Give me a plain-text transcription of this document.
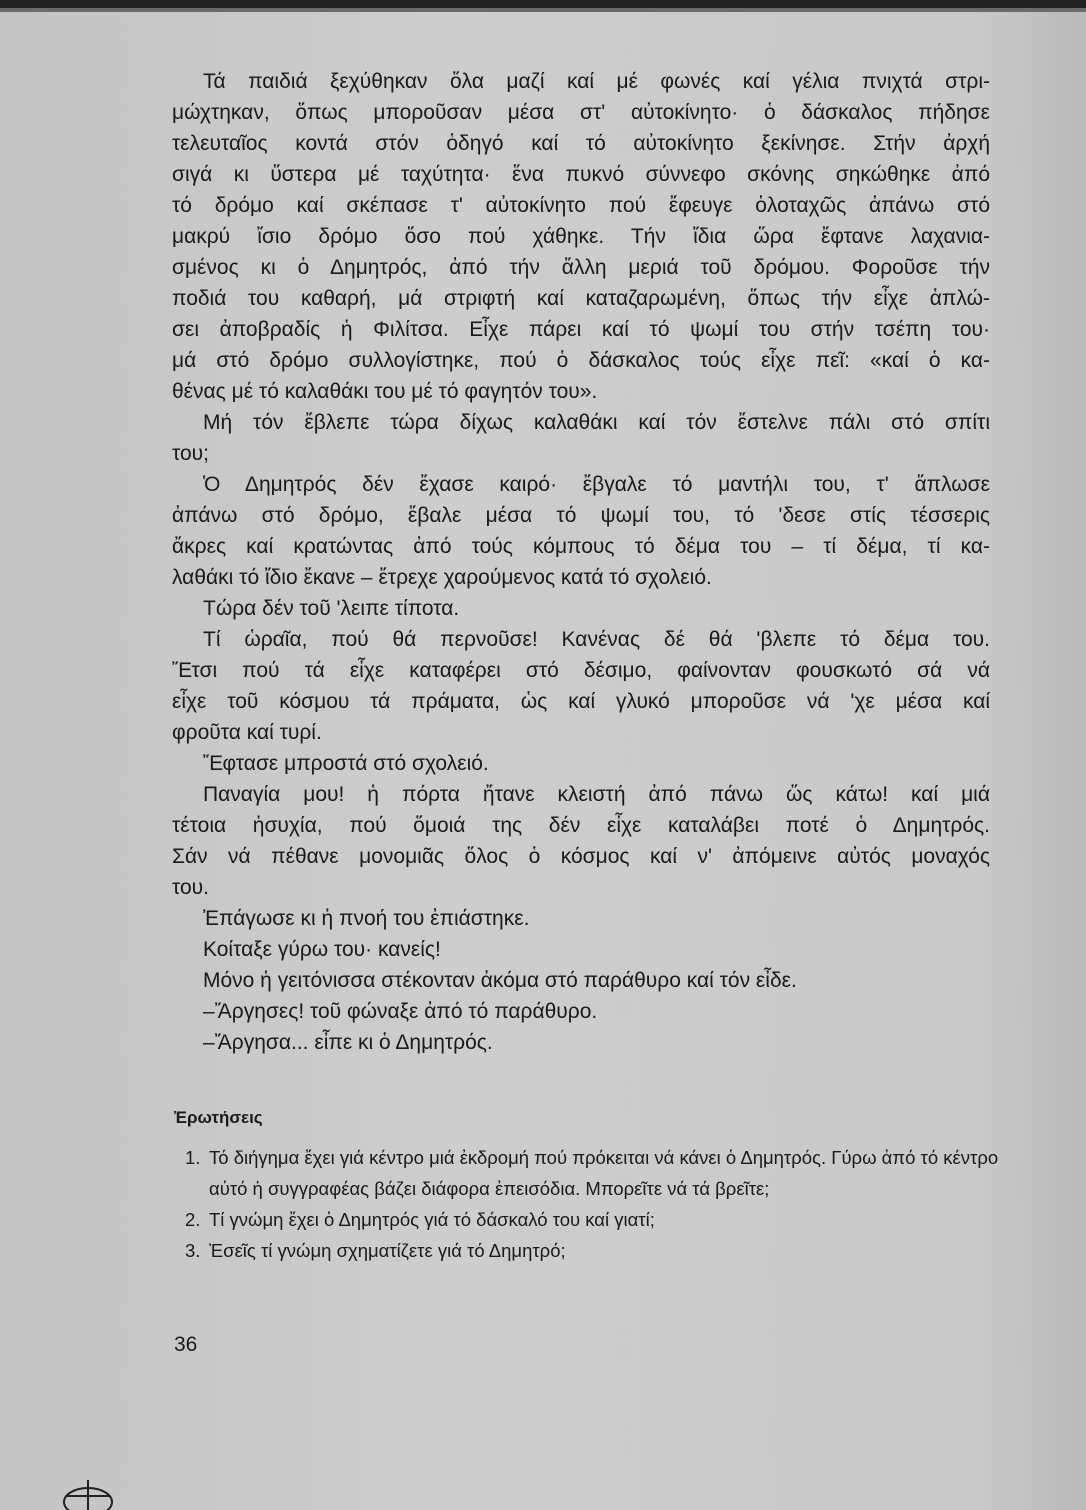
Τά παιδιά ξεχύθηκαν ὅλα μαζί καί μέ φωνές καί γέλια πνιχτά στρι-
μώχτηκαν, ὅπως μποροῦσαν μέσα στ' αὐτοκίνητο· ὁ δάσκαλος πήδησε
τελευταῖος κοντά στόν ὁδηγό καί τό αὐτοκίνητο ξεκίνησε. Στήν ἀρχή
σιγά κι ὕστερα μέ ταχύτητα· ἕνα πυκνό σύννεφο σκόνης σηκώθηκε ἀπό
τό δρόμο καί σκέπασε τ' αὐτοκίνητο πού ἔφευγε ὁλοταχῶς ἀπάνω στό
μακρύ ἴσιο δρόμο ὅσο πού χάθηκε. Τήν ἴδια ὥρα ἔφτανε λαχανια-
σμένος κι ὁ Δημητρός, ἀπό τήν ἄλλη μεριά τοῦ δρόμου. Φοροῦσε τήν
ποδιά του καθαρή, μά στριφτή καί καταζαρωμένη, ὅπως τήν εἶχε ἁπλώ-
σει ἀποβραδίς ἡ Φιλίτσα. Εἶχε πάρει καί τό ψωμί του στήν τσέπη του·
μά στό δρόμο συλλογίστηκε, πού ὁ δάσκαλος τούς εἶχε πεῖ: «καί ὁ κα-
θένας μέ τό καλαθάκι του μέ τό φαγητόν του».
Μή τόν ἔβλεπε τώρα δίχως καλαθάκι καί τόν ἔστελνε πάλι στό σπίτι
του;
Ὁ Δημητρός δέν ἔχασε καιρό· ἔβγαλε τό μαντήλι του, τ' ἅπλωσε
ἀπάνω στό δρόμο, ἔβαλε μέσα τό ψωμί του, τό 'δεσε στίς τέσσερις
ἄκρες καί κρατώντας ἀπό τούς κόμπους τό δέμα του – τί δέμα, τί κα-
λαθάκι τό ἴδιο ἔκανε – ἔτρεχε χαρούμενος κατά τό σχολειό.
Τώρα δέν τοῦ 'λειπε τίποτα.
Τί ὡραῖα, πού θά περνοῦσε! Κανένας δέ θά 'βλεπε τό δέμα του.
Ἔτσι πού τά εἶχε καταφέρει στό δέσιμο, φαίνονταν φουσκωτό σά νά
εἶχε τοῦ κόσμου τά πράματα, ὡς καί γλυκό μποροῦσε νά 'χε μέσα καί
φροῦτα καί τυρί.
Ἔφτασε μπροστά στό σχολειό.
Παναγία μου! ἡ πόρτα ἤτανε κλειστή ἀπό πάνω ὥς κάτω! καί μιά
τέτοια ἡσυχία, πού ὅμοιά της δέν εἶχε καταλάβει ποτέ ὁ Δημητρός.
Σάν νά πέθανε μονομιᾶς ὅλος ὁ κόσμος καί ν' ἀπόμεινε αὐτός μοναχός
του.
Ἐπάγωσε κι ἡ πνοή του ἐπιάστηκε.
Κοίταξε γύρω του· κανείς!
Μόνο ἡ γειτόνισσα στέκονταν ἀκόμα στό παράθυρο καί τόν εἶδε.
–Ἄργησες! τοῦ φώναξε ἀπό τό παράθυρο.
–Ἄργησα... εἶπε κι ὁ Δημητρός.
Ἐρωτήσεις
1. Τό διήγημα ἔχει γιά κέντρο μιά ἐκδρομή πού πρόκειται νά κάνει ὁ Δημητρός. Γύρω ἀπό τό κέντρο αὐτό ἡ συγγραφέας βάζει διάφορα ἐπεισόδια. Μπορεῖτε νά τά βρεῖτε;
2. Τί γνώμη ἔχει ὁ Δημητρός γιά τό δάσκαλό του καί γιατί;
3. Ἐσεῖς τί γνώμη σχηματίζετε γιά τό Δημητρό;
36
